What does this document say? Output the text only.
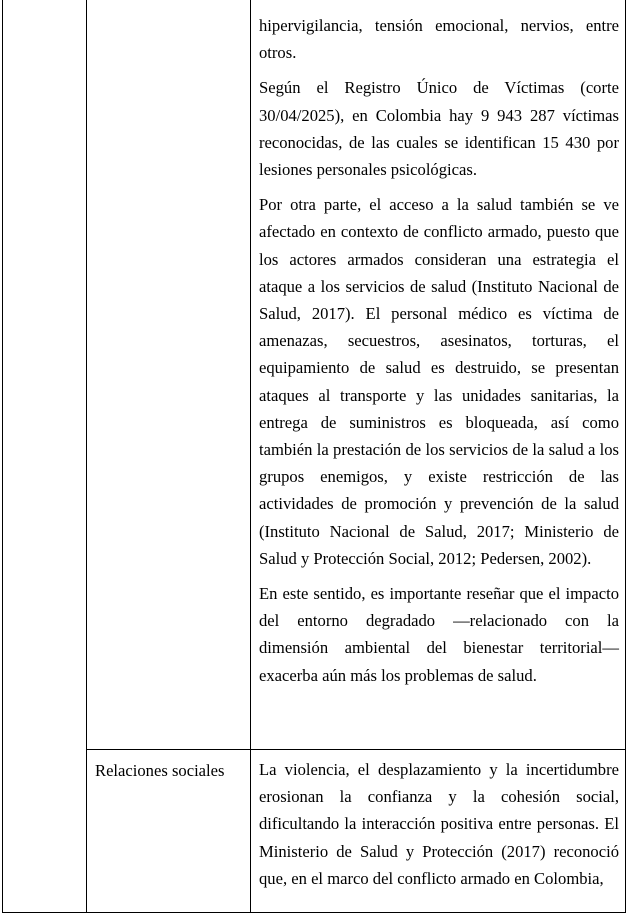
hipervigilancia, tensión emocional, nervios, entre otros.

Según el Registro Único de Víctimas (corte 30/04/2025), en Colombia hay 9 943 287 víctimas reconocidas, de las cuales se identifican 15 430 por lesiones personales psicológicas.

Por otra parte, el acceso a la salud también se ve afectado en contexto de conflicto armado, puesto que los actores armados consideran una estrategia el ataque a los servicios de salud (Instituto Nacional de Salud, 2017). El personal médico es víctima de amenazas, secuestros, asesinatos, torturas, el equipamiento de salud es destruido, se presentan ataques al transporte y las unidades sanitarias, la entrega de suministros es bloqueada, así como también la prestación de los servicios de la salud a los grupos enemigos, y existe restricción de las actividades de promoción y prevención de la salud (Instituto Nacional de Salud, 2017; Ministerio de Salud y Protección Social, 2012; Pedersen, 2002).

En este sentido, es importante reseñar que el impacto del entorno degradado —relacionado con la dimensión ambiental del bienestar territorial— exacerba aún más los problemas de salud.

Relaciones sociales La violencia, el desplazamiento y la incertidumbre erosionan la confianza y la cohesión social, dificultando la interacción positiva entre personas. El Ministerio de Salud y Protección (2017) reconoció que, en el marco del conflicto armado en Colombia,
